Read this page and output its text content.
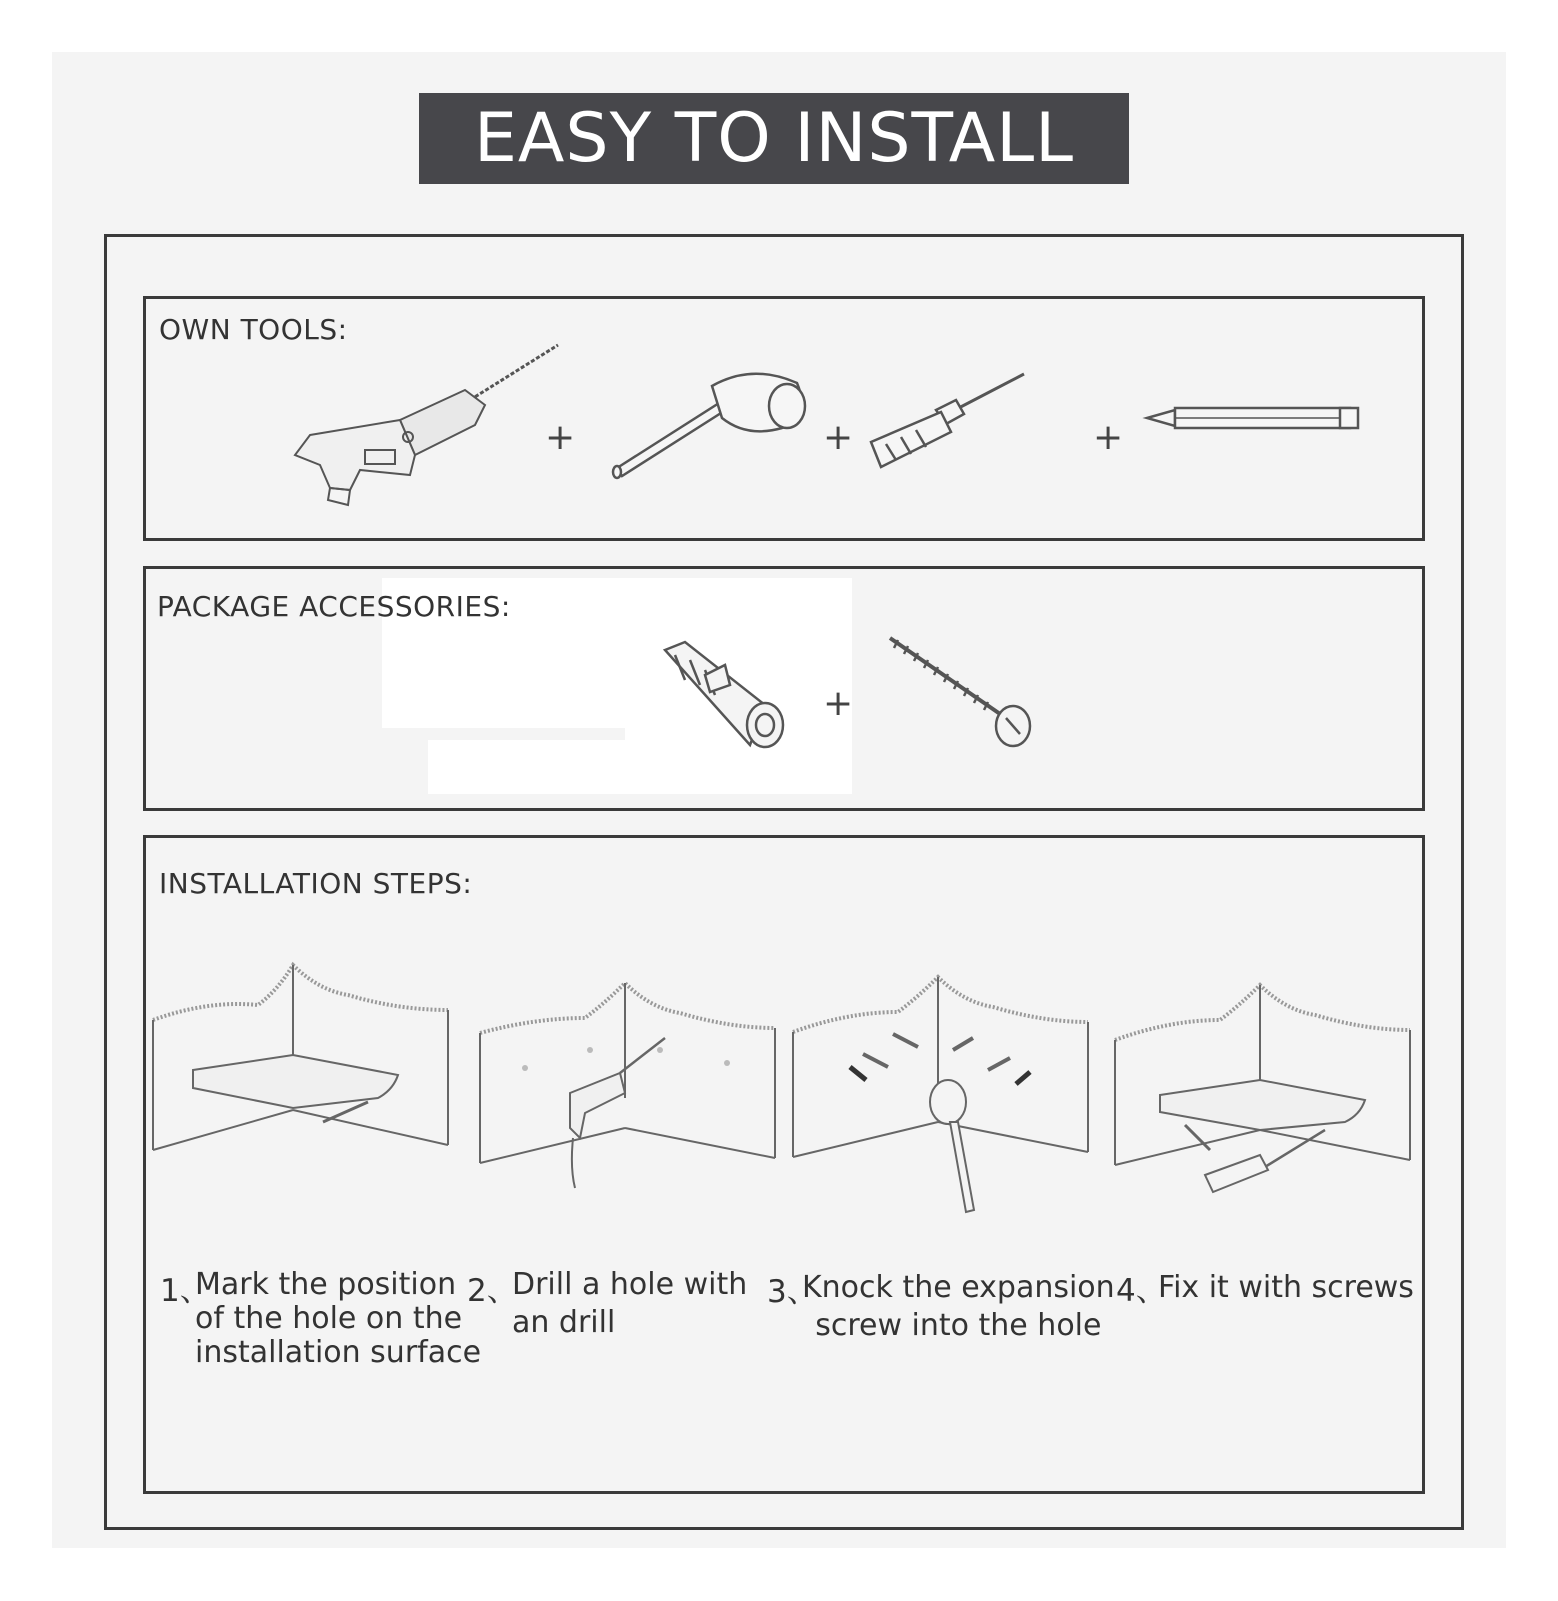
EASY TO INSTALL
OWN TOOLS:
+	+	+
PACKAGE ACCESSORIES:
+
INSTALLATION STEPS:
1、
Mark the position
of the hole on the
installation surface
2、
Drill a hole with
an drill
3、
Knock the expansion
screw into the hole
4、
Fix it with screws
